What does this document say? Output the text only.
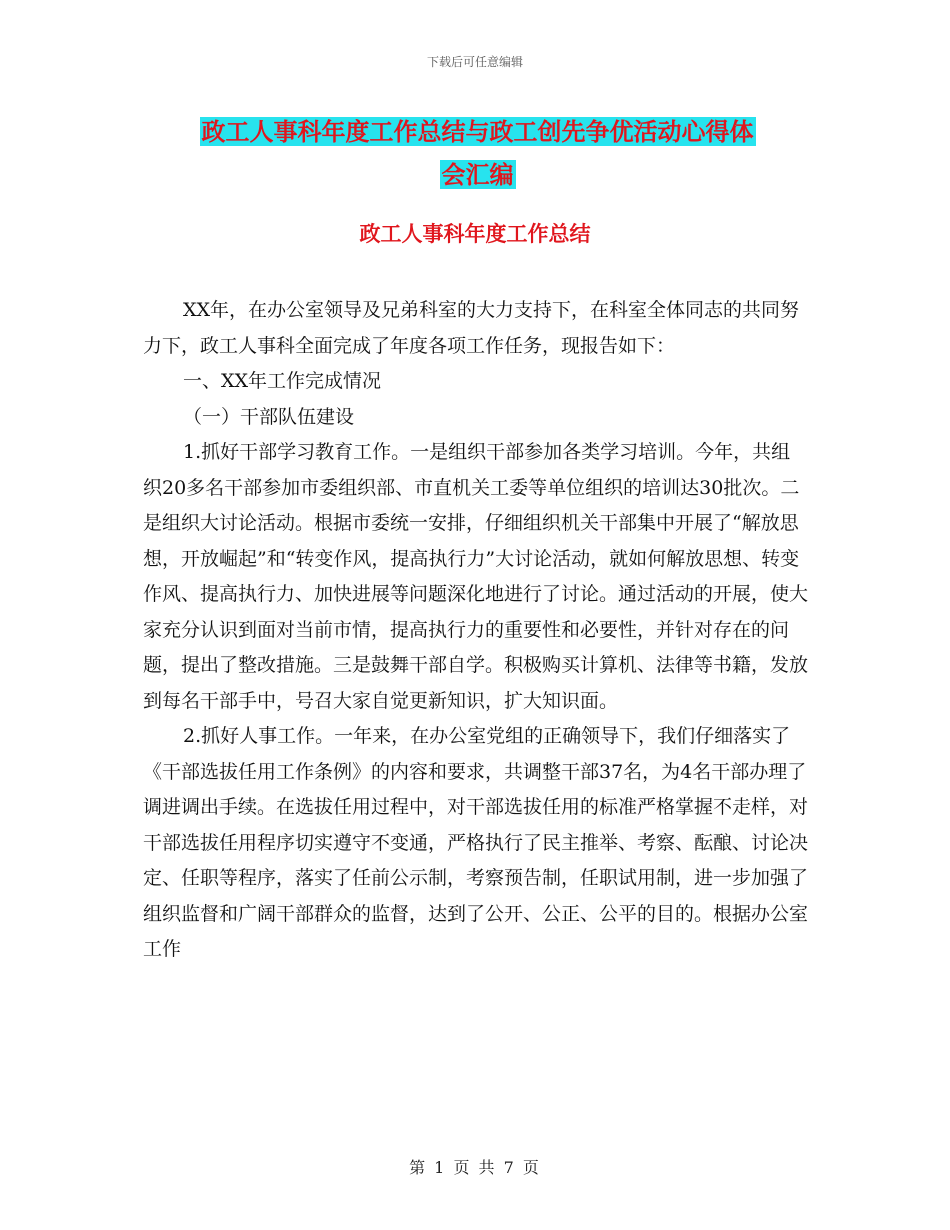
下载后可任意编辑
政工人事科年度工作总结与政工创先争优活动心得体
会汇编
政工人事科年度工作总结

XX年，在办公室领导及兄弟科室的大力支持下，在科室全体同志的共同努力下，政工人事科全面完成了年度各项工作任务，现报告如下：

一、XX年工作完成情况

（一）干部队伍建设

1.抓好干部学习教育工作。一是组织干部参加各类学习培训。今年，共组织20多名干部参加市委组织部、市直机关工委等单位组织的培训达30批次。二是组织大讨论活动。根据市委统一安排，仔细组织机关干部集中开展了“解放思想，开放崛起”和“转变作风，提高执行力”大讨论活动，就如何解放思想、转变作风、提高执行力、加快进展等问题深化地进行了讨论。通过活动的开展，使大家充分认识到面对当前市情，提高执行力的重要性和必要性，并针对存在的问题，提出了整改措施。三是鼓舞干部自学。积极购买计算机、法律等书籍，发放到每名干部手中，号召大家自觉更新知识，扩大知识面。

2.抓好人事工作。一年来，在办公室党组的正确领导下，我们仔细落实了《干部选拔任用工作条例》的内容和要求，共调整干部37名，为4名干部办理了调进调出手续。在选拔任用过程中，对干部选拔任用的标准严格掌握不走样，对干部选拔任用程序切实遵守不变通，严格执行了民主推举、考察、酝酿、讨论决定、任职等程序，落实了任前公示制，考察预告制，任职试用制，进一步加强了组织监督和广阔干部群众的监督，达到了公开、公正、公平的目的。根据办公室工作

第 1 页 共 7 页
